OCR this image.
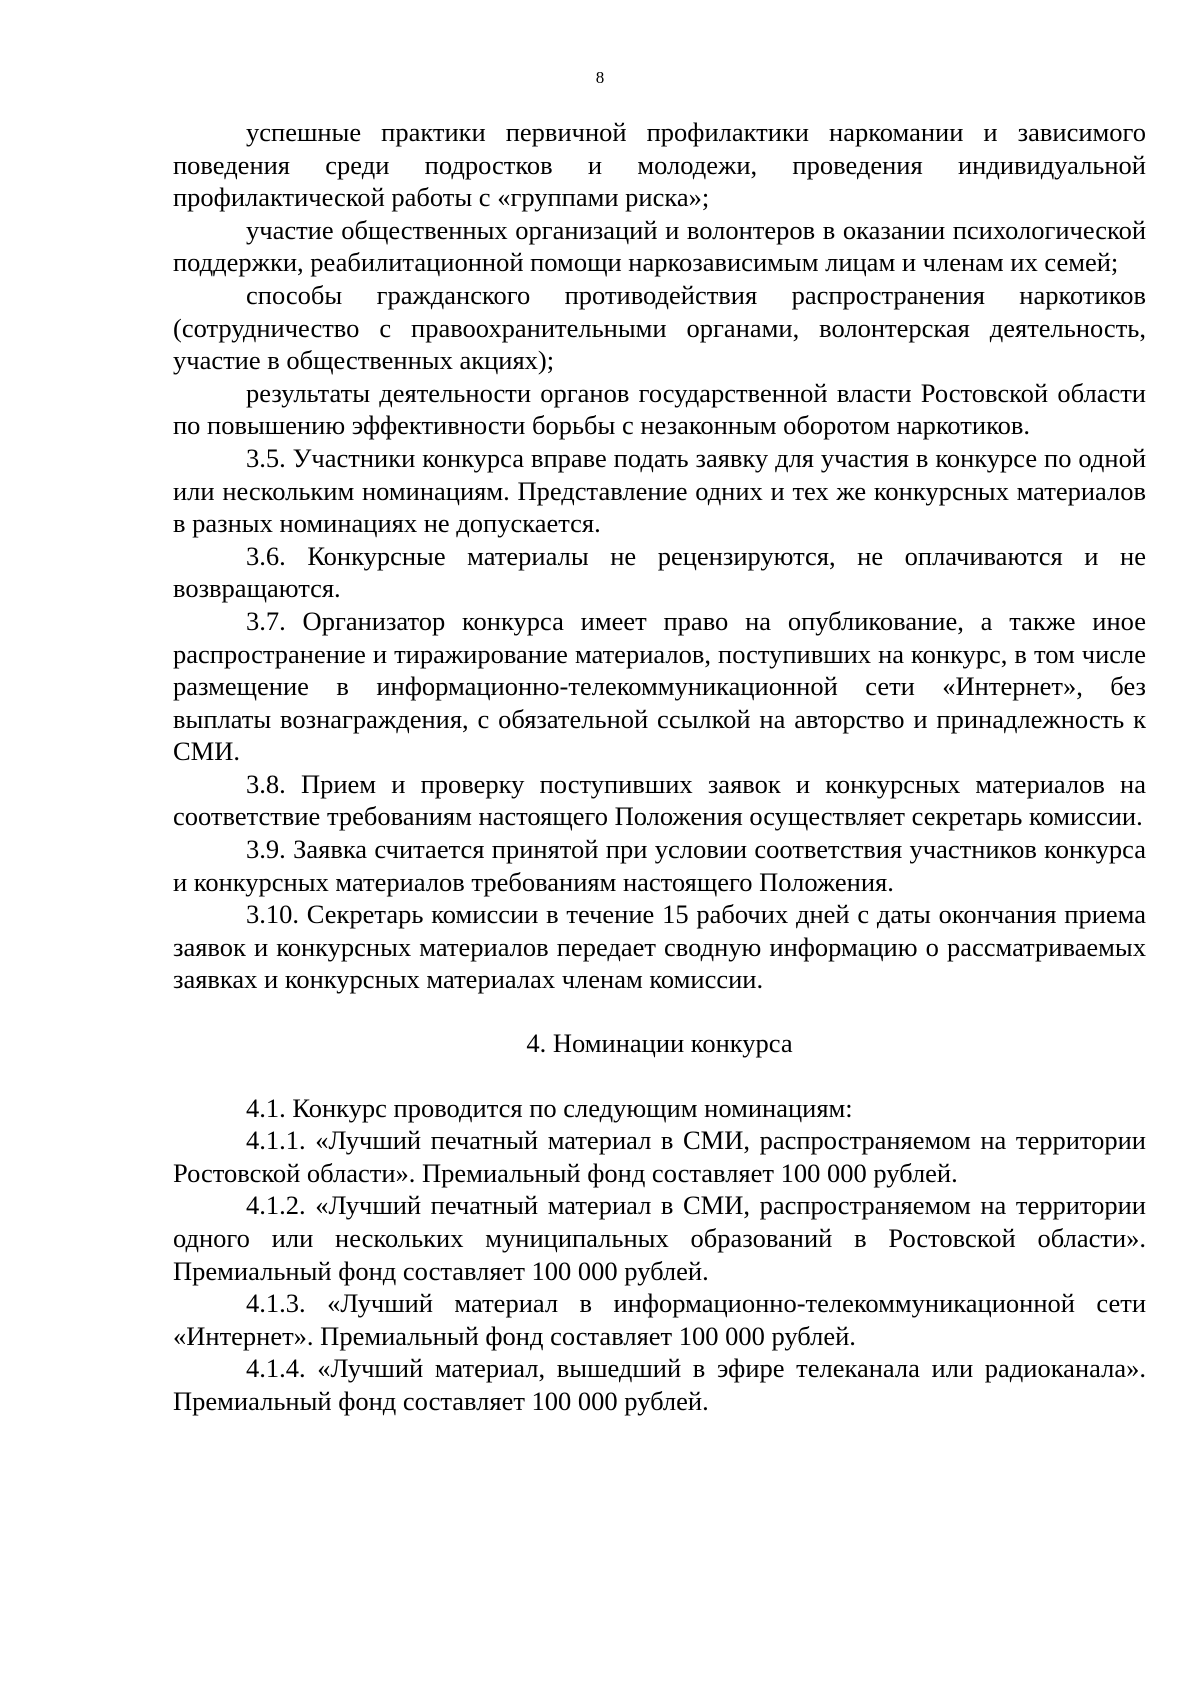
8

успешные практики первичной профилактики наркомании и зависимого поведения среди подростков и молодежи, проведения индивидуальной профилактической работы с «группами риска»;

участие общественных организаций и волонтеров в оказании психологической поддержки, реабилитационной помощи наркозависимым лицам и членам их семей;

способы гражданского противодействия распространения наркотиков (сотрудничество с правоохранительными органами, волонтерская деятельность, участие в общественных акциях);

результаты деятельности органов государственной власти Ростовской области по повышению эффективности борьбы с незаконным оборотом наркотиков.

3.5. Участники конкурса вправе подать заявку для участия в конкурсе по одной или нескольким номинациям. Представление одних и тех же конкурсных материалов в разных номинациях не допускается.

3.6. Конкурсные материалы не рецензируются, не оплачиваются и не возвращаются.

3.7. Организатор конкурса имеет право на опубликование, а также иное распространение и тиражирование материалов, поступивших на конкурс, в том числе размещение в информационно-телекоммуникационной сети «Интернет», без выплаты вознаграждения, с обязательной ссылкой на авторство и принадлежность к СМИ.

3.8. Прием и проверку поступивших заявок и конкурсных материалов на соответствие требованиям настоящего Положения осуществляет секретарь комиссии.

3.9. Заявка считается принятой при условии соответствия участников конкурса и конкурсных материалов требованиям настоящего Положения.

3.10. Секретарь комиссии в течение 15 рабочих дней с даты окончания приема заявок и конкурсных материалов передает сводную информацию о рассматриваемых заявках и конкурсных материалах членам комиссии.

4. Номинации конкурса

4.1. Конкурс проводится по следующим номинациям:

4.1.1. «Лучший печатный материал в СМИ, распространяемом на территории Ростовской области». Премиальный фонд составляет 100 000 рублей.

4.1.2. «Лучший печатный материал в СМИ, распространяемом на территории одного или нескольких муниципальных образований в Ростовской области». Премиальный фонд составляет 100 000 рублей.

4.1.3. «Лучший материал в информационно-телекоммуникационной сети «Интернет». Премиальный фонд составляет 100 000 рублей.

4.1.4. «Лучший материал, вышедший в эфире телеканала или радиоканала». Премиальный фонд составляет 100 000 рублей.
